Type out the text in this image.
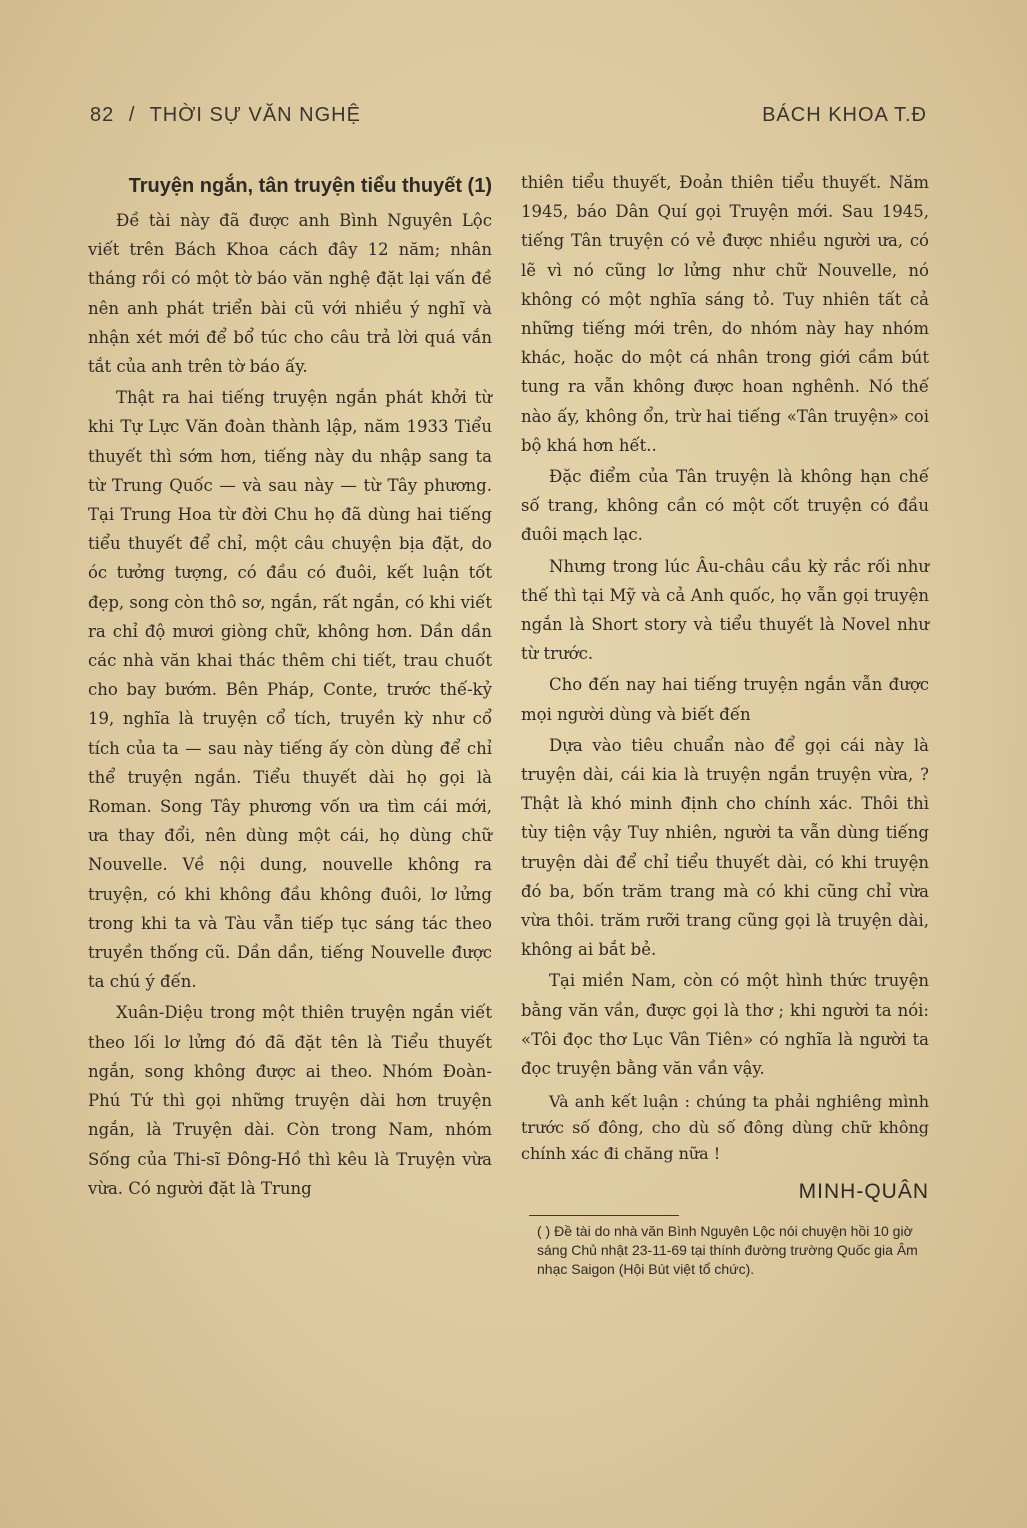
82 / THỜI SỰ VĂN NGHỆ	BÁCH KHOA T.Đ
Truyện ngắn, tân truyện tiểu thuyết (1)

Đề tài này đã được anh Bình Nguyên Lộc viết trên Bách Khoa cách đây 12 năm; nhân tháng rồi có một tờ báo văn nghệ đặt lại vấn đề nên anh phát triển bài cũ với nhiều ý nghĩ và nhận xét mới để bổ túc cho câu trả lời quá vắn tắt của anh trên tờ báo ấy.

Thật ra hai tiếng truyện ngắn phát khởi từ khi Tự Lực Văn đoàn thành lập, năm 1933 Tiểu thuyết thì sớm hơn, tiếng này du nhập sang ta từ Trung Quốc — và sau này — từ Tây phương. Tại Trung Hoa từ đời Chu họ đã dùng hai tiếng tiểu thuyết để chỉ, một câu chuyện bịa đặt, do óc tưởng tượng, có đầu có đuôi, kết luận tốt đẹp, song còn thô sơ, ngắn, rất ngắn, có khi viết ra chỉ độ mươi giòng chữ, không hơn. Dần dần các nhà văn khai thác thêm chi tiết, trau chuốt cho bay bướm. Bên Pháp, Conte, trước thế-kỷ 19, nghĩa là truyện cổ tích, truyền kỳ như cổ tích của ta — sau này tiếng ấy còn dùng để chỉ thể truyện ngắn. Tiểu thuyết dài họ gọi là Roman. Song Tây phương vốn ưa tìm cái mới, ưa thay đổi, nên dùng một cái, họ dùng chữ Nouvelle. Về nội dung, nouvelle không ra truyện, có khi không đầu không đuôi, lơ lửng trong khi ta và Tàu vẫn tiếp tục sáng tác theo truyền thống cũ. Dần dần, tiếng Nouvelle được ta chú ý đến.

Xuân-Diệu trong một thiên truyện ngắn viết theo lối lơ lửng đó đã đặt tên là Tiểu thuyết ngắn, song không được ai theo. Nhóm Đoàn-Phú Tứ thì gọi những truyện dài hơn truyện ngắn, là Truyện dài. Còn trong Nam, nhóm Sống của Thi-sĩ Đông-Hồ thì kêu là Truyện vừa vừa. Có người đặt là Trung

thiên tiểu thuyết, Đoản thiên tiểu thuyết. Năm 1945, báo Dân Quí gọi Truyện mới. Sau 1945, tiếng Tân truyện có vẻ được nhiều người ưa, có lẽ vì nó cũng lơ lửng như chữ Nouvelle, nó không có một nghĩa sáng tỏ. Tuy nhiên tất cả những tiếng mới trên, do nhóm này hay nhóm khác, hoặc do một cá nhân trong giới cầm bút tung ra vẫn không được hoan nghênh. Nó thế nào ấy, không ổn, trừ hai tiếng «Tân truyện» coi bộ khá hơn hết..

Đặc điểm của Tân truyện là không hạn chế số trang, không cần có một cốt truyện có đầu đuôi mạch lạc.

Nhưng trong lúc Âu-châu cầu kỳ rắc rối như thế thì tại Mỹ và cả Anh quốc, họ vẫn gọi truyện ngắn là Short story và tiểu thuyết là Novel như từ trước.

Cho đến nay hai tiếng truyện ngắn vẫn được mọi người dùng và biết đến

Dựa vào tiêu chuẩn nào để gọi cái này là truyện dài, cái kia là truyện ngắn truyện vừa, ? Thật là khó minh định cho chính xác. Thôi thì tùy tiện vậy Tuy nhiên, người ta vẫn dùng tiếng truyện dài để chỉ tiểu thuyết dài, có khi truyện đó ba, bốn trăm trang mà có khi cũng chỉ vừa vừa thôi. trăm rưỡi trang cũng gọi là truyện dài, không ai bắt bẻ.

Tại miền Nam, còn có một hình thức truyện bằng văn vần, được gọi là thơ ; khi người ta nói: «Tôi đọc thơ Lục Vân Tiên» có nghĩa là người ta đọc truyện bằng văn vần vậy.

Và anh kết luận : chúng ta phải nghiêng mình trước số đông, cho dù số đông dùng chữ không chính xác đi chăng nữa !

MINH-QUÂN
( ) Đề tài do nhà văn Bình Nguyên Lộc nói chuyện hồi 10 giờ sáng Chủ nhật 23-11-69 tại thính đường trường Quốc gia Âm nhạc Saigon (Hội Bút việt tổ chức).
